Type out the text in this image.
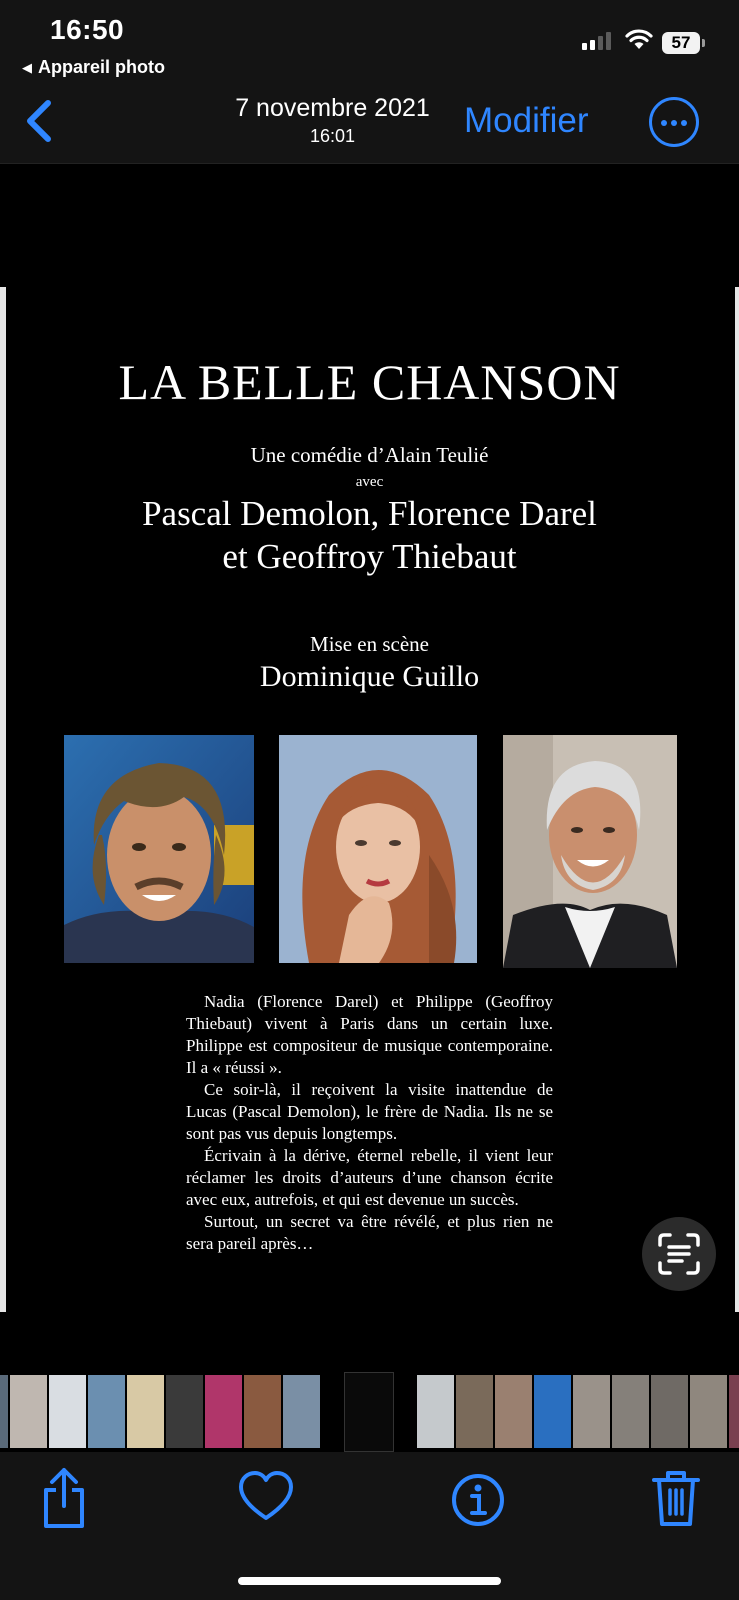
16:50
◀ Appareil photo
57
7 novembre 2021
16:01	Modifier
LA BELLE CHANSON
Une comédie d’Alain Teulié
avec
Pascal Demolon, Florence Darel
et Geoffroy Thiebaut
Mise en scène
Dominique Guillo

Nadia (Florence Darel) et Philippe (Geoffroy Thiebaut) vivent à Paris dans un certain luxe. Philippe est compositeur de musique contemporaine. Il a « réussi ».

Ce soir-là, il reçoivent la visite inattendue de Lucas (Pascal Demolon), le frère de Nadia. Ils ne se sont pas vus depuis longtemps.

Écrivain à la dérive, éternel rebelle, il vient leur réclamer les droits d’auteurs d’une chanson écrite avec eux, autrefois, et qui est devenue un succès.

Surtout, un secret va être révélé, et plus rien ne sera pareil après…
